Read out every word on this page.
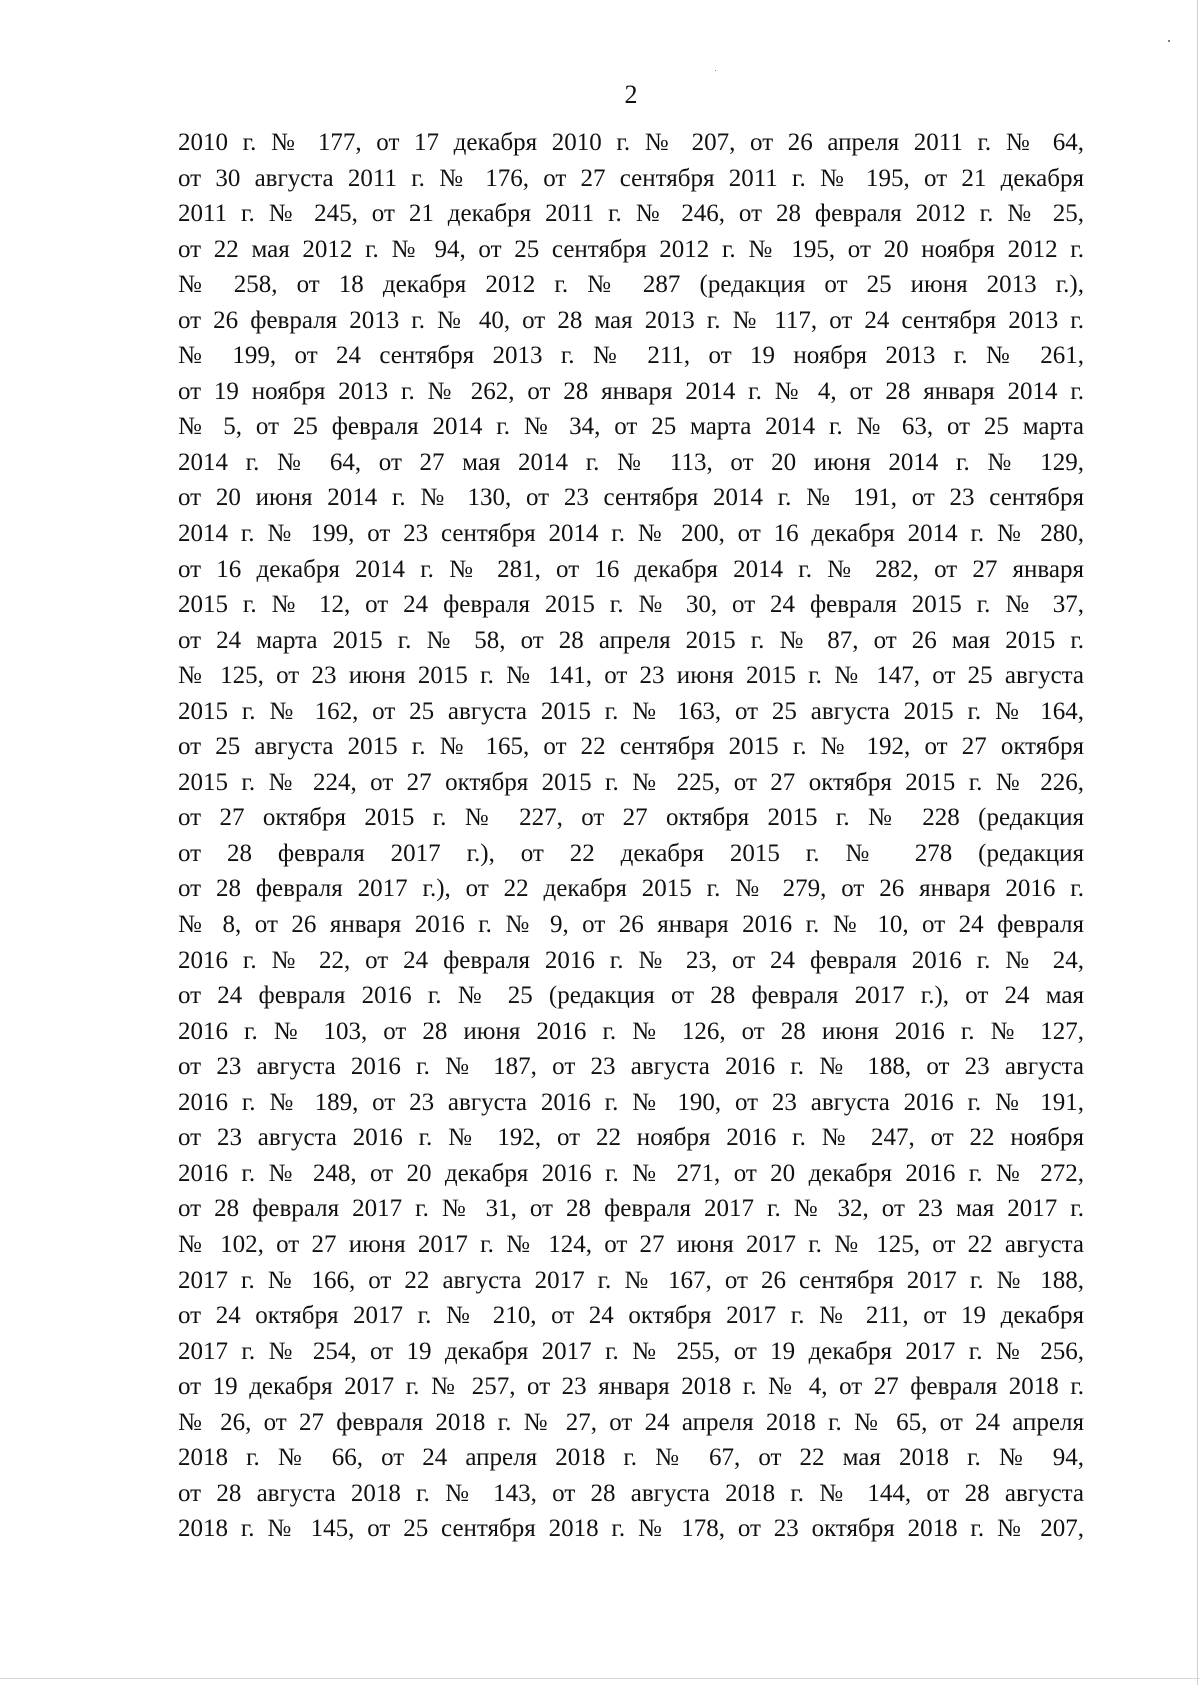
2
2010 г. № 177, от 17 декабря 2010 г. № 207, от 26 апреля 2011 г. № 64,
от 30 августа 2011 г. № 176, от 27 сентября 2011 г. № 195, от 21 декабря
2011 г. № 245, от 21 декабря 2011 г. № 246, от 28 февраля 2012 г. № 25,
от 22 мая 2012 г. № 94, от 25 сентября 2012 г. № 195, от 20 ноября 2012 г.
№ 258, от 18 декабря 2012 г. № 287 (редакция от 25 июня 2013 г.),
от 26 февраля 2013 г. № 40, от 28 мая 2013 г. № 117, от 24 сентября 2013 г.
№ 199, от 24 сентября 2013 г. № 211, от 19 ноября 2013 г. № 261,
от 19 ноября 2013 г. № 262, от 28 января 2014 г. № 4, от 28 января 2014 г.
№ 5, от 25 февраля 2014 г. № 34, от 25 марта 2014 г. № 63, от 25 марта
2014 г. № 64, от 27 мая 2014 г. № 113, от 20 июня 2014 г. № 129,
от 20 июня 2014 г. № 130, от 23 сентября 2014 г. № 191, от 23 сентября
2014 г. № 199, от 23 сентября 2014 г. № 200, от 16 декабря 2014 г. № 280,
от 16 декабря 2014 г. № 281, от 16 декабря 2014 г. № 282, от 27 января
2015 г. № 12, от 24 февраля 2015 г. № 30, от 24 февраля 2015 г. № 37,
от 24 марта 2015 г. № 58, от 28 апреля 2015 г. № 87, от 26 мая 2015 г.
№ 125, от 23 июня 2015 г. № 141, от 23 июня 2015 г. № 147, от 25 августа
2015 г. № 162, от 25 августа 2015 г. № 163, от 25 августа 2015 г. № 164,
от 25 августа 2015 г. № 165, от 22 сентября 2015 г. № 192, от 27 октября
2015 г. № 224, от 27 октября 2015 г. № 225, от 27 октября 2015 г. № 226,
от 27 октября 2015 г. № 227, от 27 октября 2015 г. № 228 (редакция
от 28 февраля 2017 г.), от 22 декабря 2015 г. № 278 (редакция
от 28 февраля 2017 г.), от 22 декабря 2015 г. № 279, от 26 января 2016 г.
№ 8, от 26 января 2016 г. № 9, от 26 января 2016 г. № 10, от 24 февраля
2016 г. № 22, от 24 февраля 2016 г. № 23, от 24 февраля 2016 г. № 24,
от 24 февраля 2016 г. № 25 (редакция от 28 февраля 2017 г.), от 24 мая
2016 г. № 103, от 28 июня 2016 г. № 126, от 28 июня 2016 г. № 127,
от 23 августа 2016 г. № 187, от 23 августа 2016 г. № 188, от 23 августа
2016 г. № 189, от 23 августа 2016 г. № 190, от 23 августа 2016 г. № 191,
от 23 августа 2016 г. № 192, от 22 ноября 2016 г. № 247, от 22 ноября
2016 г. № 248, от 20 декабря 2016 г. № 271, от 20 декабря 2016 г. № 272,
от 28 февраля 2017 г. № 31, от 28 февраля 2017 г. № 32, от 23 мая 2017 г.
№ 102, от 27 июня 2017 г. № 124, от 27 июня 2017 г. № 125, от 22 августа
2017 г. № 166, от 22 августа 2017 г. № 167, от 26 сентября 2017 г. № 188,
от 24 октября 2017 г. № 210, от 24 октября 2017 г. № 211, от 19 декабря
2017 г. № 254, от 19 декабря 2017 г. № 255, от 19 декабря 2017 г. № 256,
от 19 декабря 2017 г. № 257, от 23 января 2018 г. № 4, от 27 февраля 2018 г.
№ 26, от 27 февраля 2018 г. № 27, от 24 апреля 2018 г. № 65, от 24 апреля
2018 г. № 66, от 24 апреля 2018 г. № 67, от 22 мая 2018 г. № 94,
от 28 августа 2018 г. № 143, от 28 августа 2018 г. № 144, от 28 августа
2018 г. № 145, от 25 сентября 2018 г. № 178, от 23 октября 2018 г. № 207,
